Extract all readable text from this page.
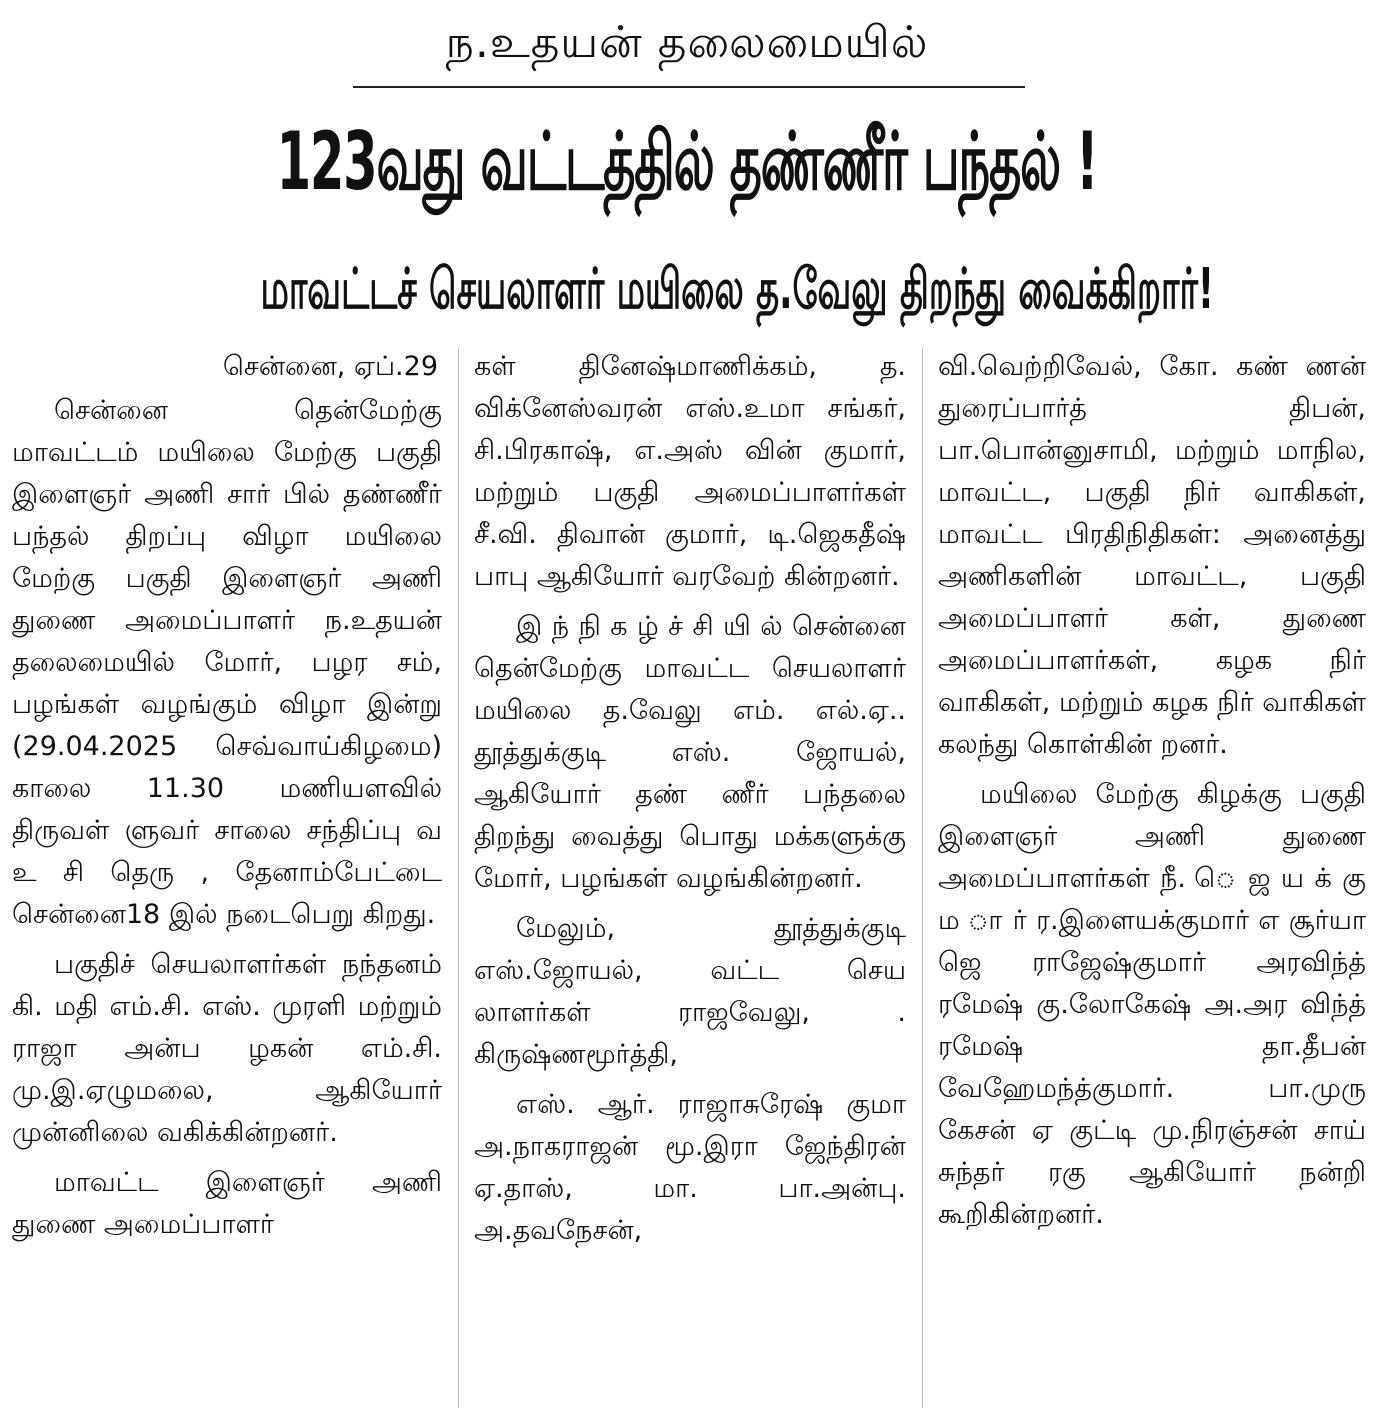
ந.உதயன் தலைமையில்
123வது வட்டத்தில் தண்ணீர் பந்தல் !
மாவட்டச் செயலாளர் மயிலை த.வேலு திறந்து வைக்கிறார்!
சென்னை, ஏப்.29

சென்னை தென்மேற்கு மாவட்டம் மயிலை மேற்கு பகுதி இளைஞர் அணி சார் பில் தண்ணீர் பந்தல் திறப்பு விழா மயிலை மேற்கு பகுதி இளைஞர் அணி துணை அமைப்பாளர் ந.உதயன் தலைமையில் மோர், பழர சம், பழங்கள் வழங்கும் விழா இன்று (29.04.2025 செவ்வாய்கிழமை) காலை 11.30 மணியளவில் திருவள் ளுவர் சாலை சந்திப்பு வ உ சி தெரு , தேனாம்பேட்டை சென்னை18 இல் நடைபெறு கிறது.

பகுதிச் செயலாளர்கள் நந்தனம் கி. மதி எம்.சி. எஸ். முரளி மற்றும் ராஜா அன்ப ழகன் எம்.சி. மு.இ.ஏழுமலை, ஆகியோர் முன்னிலை வகிக்கின்றனர்.

மாவட்ட இளைஞர் அணி துணை அமைப்பாளர்

கள் தினேஷ்மாணிக்கம், த. விக்னேஸ்வரன் எஸ்.உமா சங்கர், சி.பிரகாஷ், எ.அஸ் வின் குமார், மற்றும் பகுதி அமைப்பாளர்கள் சீ.வி. திவான் குமார், டி.ஜெகதீஷ் பாபு ஆகியோர் வரவேற் கின்றனர்.

இ ந் நி க ழ் ச் சி யி ல் சென்னை தென்மேற்கு மாவட்ட செயலாளர் மயிலை த.வேலு எம். எல்.ஏ.. தூத்துக்குடி எஸ். ஜோயல், ஆகியோர் தண் ணீர் பந்தலை திறந்து வைத்து பொது மக்களுக்கு மோர், பழங்கள் வழங்கின்றனர்.

மேலும், தூத்துக்குடி எஸ்.ஜோயல், வட்ட செய லாளர்கள் ராஜவேலு, . கிருஷ்ணமூர்த்தி,

எஸ். ஆர். ராஜாசுரேஷ் குமா அ.நாகராஜன் மூ.இரா ஜேந்திரன் ஏ.தாஸ், மா. பா.அன்பு. அ.தவநேசன்,

வி.வெற்றிவேல், கோ. கண் ணன் துரைப்பார்த் திபன், பா.பொன்னுசாமி, மற்றும் மாநில, மாவட்ட, பகுதி நிர் வாகிகள், மாவட்ட பிரதிநிதிகள்: அனைத்து அணிகளின் மாவட்ட, பகுதி அமைப்பாளர் கள், துணை அமைப்பாளர்கள், கழக நிர் வாகிகள், மற்றும் கழக நிர் வாகிகள் கலந்து கொள்கின் றனர்.

மயிலை மேற்கு கிழக்கு பகுதி இளைஞர் அணி துணை அமைப்பாளர்கள் நீ. ெ ஜ ய க் கு ம ா ர் ர.இளையக்குமார் எ சூர்யா ஜெ ராஜேஷ்குமார் அரவிந்த் ரமேஷ் கு.லோகேஷ் அ.அர விந்த் ரமேஷ் தா.தீபன் வேஹேமந்த்குமார். பா.முரு கேசன் ஏ குட்டி மு.நிரஞ்சன் சாய் சுந்தர் ரகு ஆகியோர் நன்றி கூறிகின்றனர்.
